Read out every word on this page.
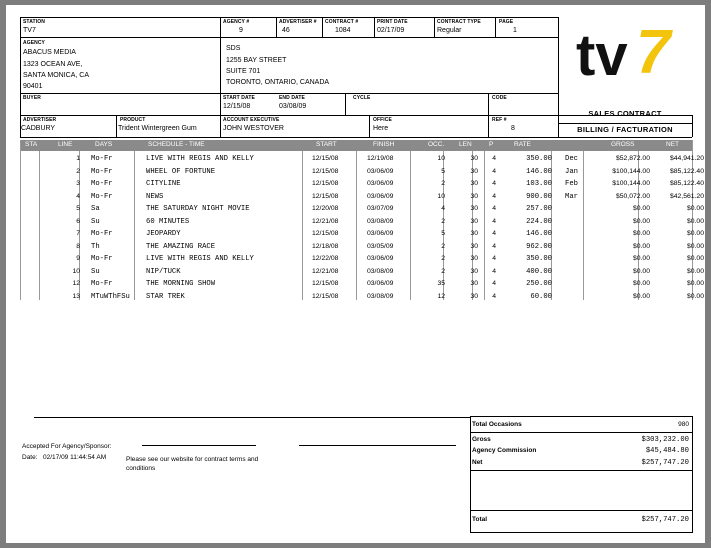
STATION
TV7
AGENCY #
9
ADVERTISER #
46
CONTRACT #
1084
PRINT DATE
02/17/09
CONTRACT TYPE
Regular
PAGE
1
AGENCY
ABACUS MEDIA
1323 OCEAN AVE,
SANTA MONICA, CA
90401
SDS
1255 BAY STREET
SUITE 701
TORONTO, ONTARIO, CANADA
BUYER	START DATE
12/15/08
END DATE
03/08/09
CYCLE	CODE
ADVERTISER
CADBURY
PRODUCT
Trident Wintergreen Gum
ACCOUNT EXECUTIVE
JOHN WESTOVER
OFFICE
Here
REF #
8
tv 7
SALES CONTRACT
BILLING / FACTURATION
STA	LINE	DAYS	SCHEDULE - TIME	START	FINISH	OCC. LEN	P	RATE	GROSS	NET
1 Mo-Fr	LIVE WITH REGIS AND KELLY	12/15/08	12/19/08	10	30	4	350.00 Dec	$52,872.00	$44,941.20
2 Mo-Fr	WHEEL OF FORTUNE	12/15/08	03/06/09	5	30	4	146.00 Jan	$100,144.00	$85,122.40
3 Mo-Fr	CITYLINE	12/15/08	03/06/09	2	30	4	103.00 Feb	$100,144.00	$85,122.40
4 Mo-Fr	NEWS	12/15/08	03/06/09	10	30	4	900.00 Mar	$50,072.00	$42,561.20
5 Sa	THE SATURDAY NIGHT MOVIE	12/20/08	03/07/09	4	30	4	257.00	$0.00	$0.00
6 Su	60 MINUTES	12/21/08	03/08/09	2	30	4	224.00	$0.00	$0.00
7 Mo-Fr	JEOPARDY	12/15/08	03/06/09	5	30	4	146.00	$0.00	$0.00
8 Th	THE AMAZING RACE	12/18/08	03/05/09	2	30	4	962.00	$0.00	$0.00
9 Mo-Fr	LIVE WITH REGIS AND KELLY	12/22/08	03/06/09	2	30	4	350.00	$0.00	$0.00
10 Su	NIP/TUCK	12/21/08	03/08/09	2	30	4	400.00	$0.00	$0.00
12 Mo-Fr	THE MORNING SHOW	12/15/08	03/06/09	35	30	4	250.00	$0.00	$0.00
13 MTuWThFSu	STAR TREK	12/15/08	03/08/09	12	30	4	60.00	$0.00	$0.00
Accepted For Agency/Sponsor:
Date: 02/17/09 11:44:54 AM	Please see our website for contract terms and conditions
Total Occasions	980
Gross	$303,232.00
Agency Commission	$45,484.80
Net	$257,747.20
Total	$257,747.20
